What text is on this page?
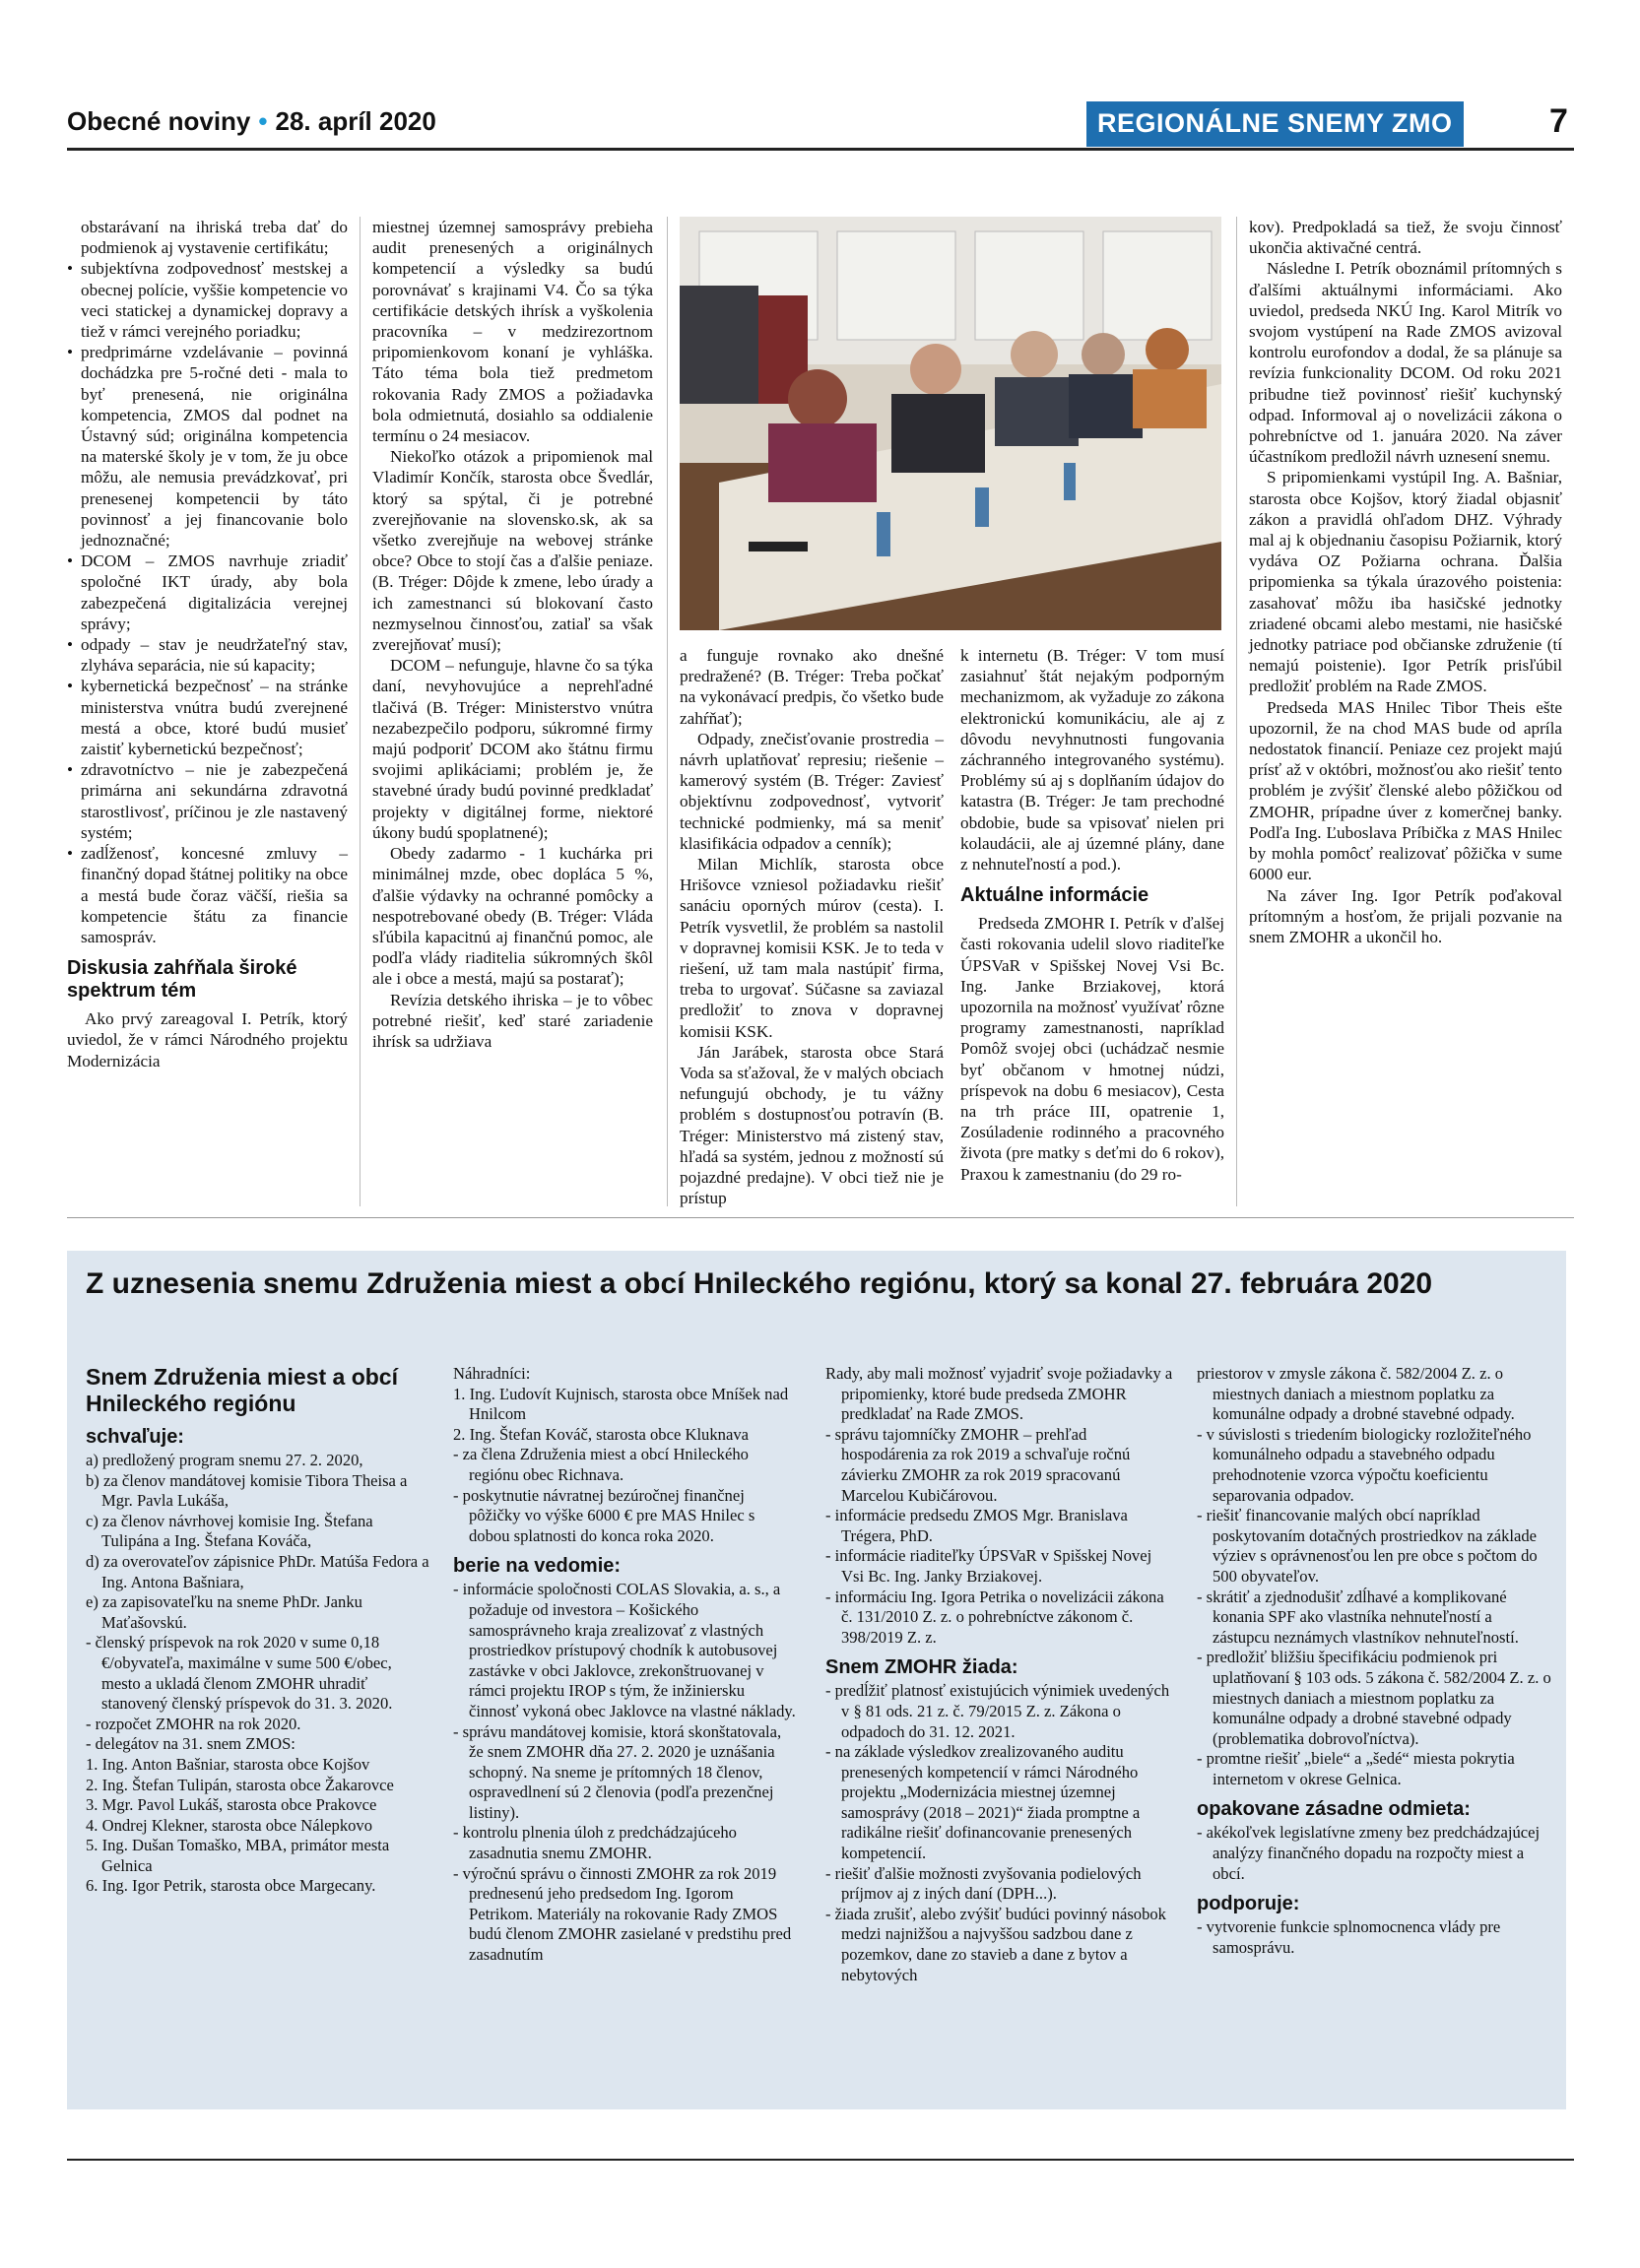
Obecné noviny • 28. apríl 2020	REGIONÁLNE SNEMY ZMO	7

obstarávaní na ihriská treba dať do podmienok aj vystavenie certifikátu;

• subjektívna zodpovednosť mestskej a obecnej polície, vyššie kompetencie vo veci statickej a dynamickej dopravy a tiež v rámci verejného poriadku;
• predprimárne vzdelávanie – povinná dochádzka pre 5-ročné deti - mala to byť prenesená, nie originálna kompetencia, ZMOS dal podnet na Ústavný súd; originálna kompetencia na materské školy je v tom, že ju obce môžu, ale nemusia prevádzkovať, pri prenesenej kompetencii by táto povinnosť a jej financovanie bolo jednoznačné;
• DCOM – ZMOS navrhuje zriadiť spoločné IKT úrady, aby bola zabezpečená digitalizácia verejnej správy;
• odpady – stav je neudržateľný stav, zlyháva separácia, nie sú kapacity;
• kybernetická bezpečnosť – na stránke ministerstva vnútra budú zverejnené mestá a obce, ktoré budú musieť zaistiť kybernetickú bezpečnosť;
• zdravotníctvo – nie je zabezpečená primárna ani sekundárna zdravotná starostlivosť, príčinou je zle nastavený systém;
• zadĺženosť, koncesné zmluvy – finančný dopad štátnej politiky na obce a mestá bude čoraz väčší, riešia sa kompetencie štátu za financie samospráv.
Diskusia zahŕňala široké spektrum tém

Ako prvý zareagoval I. Petrík, ktorý uviedol, že v rámci Národného projektu Modernizácia

miestnej územnej samosprávy prebieha audit prenesených a originálnych kompetencií a výsledky sa budú porovnávať s krajinami V4. Čo sa týka certifikácie detských ihrísk a vyškolenia pracovníka – v medzirezortnom pripomienkovom konaní je vyhláška. Táto téma bola tiež predmetom rokovania Rady ZMOS a požiadavka bola odmietnutá, dosiahlo sa oddialenie termínu o 24 mesiacov.

Niekoľko otázok a pripomienok mal Vladimír Končík, starosta obce Švedlár, ktorý sa spýtal, či je potrebné zverejňovanie na slovensko.sk, ak sa všetko zverejňuje na webovej stránke obce? Obce to stojí čas a ďalšie peniaze. (B. Tréger: Dôjde k zmene, lebo úrady a ich zamestnanci sú blokovaní často nezmyselnou činnosťou, zatiaľ sa však zverejňovať musí);

DCOM – nefunguje, hlavne čo sa týka daní, nevyhovujúce a neprehľadné tlačivá (B. Tréger: Ministerstvo vnútra nezabezpečilo podporu, súkromné firmy majú podporiť DCOM ako štátnu firmu svojimi aplikáciami; problém je, že stavebné úrady budú povinné predkladať projekty v digitálnej forme, niektoré úkony budú spoplatnené);

Obedy zadarmo - 1 kuchárka pri minimálnej mzde, obec dopláca 5 %, ďalšie výdavky na ochranné pomôcky a nespotrebované obedy (B. Tréger: Vláda sľúbila kapacitnú aj finančnú pomoc, ale podľa vlády riaditelia súkromných škôl ale i obce a mestá, majú sa postarať);

Revízia detského ihriska – je to vôbec potrebné riešiť, keď staré zariadenie ihrísk sa udržiava

a funguje rovnako ako dnešné predražené? (B. Tréger: Treba počkať na vykonávací predpis, čo všetko bude zahŕňať);

Odpady, znečisťovanie prostredia – návrh uplatňovať represiu; riešenie – kamerový systém (B. Tréger: Zaviesť objektívnu zodpovednosť, vytvoriť technické podmienky, má sa meniť klasifikácia odpadov a cenník);

Milan Michlík, starosta obce Hrišovce vzniesol požiadavku riešiť sanáciu oporných múrov (cesta). I. Petrík vysvetlil, že problém sa nastolil v dopravnej komisii KSK. Je to teda v riešení, už tam mala nastúpiť firma, treba to urgovať. Súčasne sa zaviazal predložiť to znova v dopravnej komisii KSK.

Ján Jarábek, starosta obce Stará Voda sa sťažoval, že v malých obciach nefungujú obchody, je tu vážny problém s dostupnosťou potravín (B. Tréger: Ministerstvo má zistený stav, hľadá sa systém, jednou z možností sú pojazdné predajne). V obci tiež nie je prístup

k internetu (B. Tréger: V tom musí zasiahnuť štát nejakým podporným mechanizmom, ak vyžaduje zo zákona elektronickú komunikáciu, ale aj z dôvodu nevyhnutnosti fungovania záchranného integrovaného systému). Problémy sú aj s doplňaním údajov do katastra (B. Tréger: Je tam prechodné obdobie, bude sa vpisovať nielen pri kolaudácii, ale aj územné plány, dane z nehnuteľností a pod.).

Aktuálne informácie

Predseda ZMOHR I. Petrík v ďalšej časti rokovania udelil slovo riaditeľke ÚPSVaR v Spišskej Novej Vsi Bc. Ing. Janke Brziakovej, ktorá upozornila na možnosť využívať rôzne programy zamestnanosti, napríklad Pomôž svojej obci (uchádzač nesmie byť občanom v hmotnej núdzi, príspevok na dobu 6 mesiacov), Cesta na trh práce III, opatrenie 1, Zosúladenie rodinného a pracovného života (pre matky s deťmi do 6 rokov), Praxou k zamestnaniu (do 29 ro-

kov). Predpokladá sa tiež, že svoju činnosť ukončia aktivačné centrá.

Následne I. Petrík oboznámil prítomných s ďalšími aktuálnymi informáciami. Ako uviedol, predseda NKÚ Ing. Karol Mitrík vo svojom vystúpení na Rade ZMOS avizoval kontrolu eurofondov a dodal, že sa plánuje sa revízia funkcionality DCOM. Od roku 2021 pribudne tiež povinnosť riešiť kuchynský odpad. Informoval aj o novelizácii zákona o pohrebníctve od 1. januára 2020. Na záver účastníkom predložil návrh uznesení snemu.

S pripomienkami vystúpil Ing. A. Bašniar, starosta obce Kojšov, ktorý žiadal objasniť zákon a pravidlá ohľadom DHZ. Výhrady mal aj k objednaniu časopisu Požiarnik, ktorý vydáva OZ Požiarna ochrana. Ďalšia pripomienka sa týkala úrazového poistenia: zasahovať môžu iba hasičské jednotky zriadené obcami alebo mestami, nie hasičské jednotky patriace pod občianske združenie (tí nemajú poistenie). Igor Petrík prisľúbil predložiť problém na Rade ZMOS.

Predseda MAS Hnilec Tibor Theis ešte upozornil, že na chod MAS bude od apríla nedostatok financií. Peniaze cez projekt majú prísť až v októbri, možnosťou ako riešiť tento problém je zvýšiť členské alebo pôžičkou od ZMOHR, prípadne úver z komerčnej banky. Podľa Ing. Ľuboslava Príbička z MAS Hnilec by mohla pomôcť realizovať pôžička v sume 6000 eur.

Na záver Ing. Igor Petrík poďakoval prítomným a hosťom, že prijali pozvanie na snem ZMOHR a ukončil ho.

Z uznesenia snemu Združenia miest a obcí Hnileckého regiónu, ktorý sa konal 27. februára 2020
Snem Združenia miest a obcí Hnileckého regiónu
schvaľuje:
a) predložený program snemu 27. 2. 2020,
b) za členov mandátovej komisie Tibora Theisa a Mgr. Pavla Lukáša,
c) za členov návrhovej komisie Ing. Štefana Tulipána a Ing. Štefana Kováča,
d) za overovateľov zápisnice PhDr. Matúša Fedora a Ing. Antona Bašniara,
e) za zapisovateľku na sneme PhDr. Janku Maťašovskú.
- členský príspevok na rok 2020 v sume 0,18 €/obyvateľa, maximálne v sume 500 €/obec, mesto a ukladá členom ZMOHR uhradiť stanovený členský príspevok do 31. 3. 2020.
- rozpočet ZMOHR na rok 2020.
- delegátov na 31. snem ZMOS:
1. Ing. Anton Bašniar, starosta obce Kojšov
2. Ing. Štefan Tulipán, starosta obce Žakarovce
3. Mgr. Pavol Lukáš, starosta obce Prakovce
4. Ondrej Klekner, starosta obce Nálepkovo
5. Ing. Dušan Tomaško, MBA, primátor mesta Gelnica
6. Ing. Igor Petrik, starosta obce Margecany.
Náhradníci:
1. Ing. Ľudovít Kujnisch, starosta obce Mníšek nad Hnilcom
2. Ing. Štefan Kováč, starosta obce Kluknava
- za člena Združenia miest a obcí Hnileckého regiónu obec Richnava.
- poskytnutie návratnej bezúročnej finančnej pôžičky vo výške 6000 € pre MAS Hnilec s dobou splatnosti do konca roka 2020.
berie na vedomie:
- informácie spoločnosti COLAS Slovakia, a. s., a požaduje od investora – Košického samosprávneho kraja zrealizovať z vlastných prostriedkov prístupový chodník k autobusovej zastávke v obci Jaklovce, zrekonštruovanej v rámci projektu IROP s tým, že inžiniersku činnosť vykoná obec Jaklovce na vlastné náklady.
- správu mandátovej komisie, ktorá skonštatovala, že snem ZMOHR dňa 27. 2. 2020 je uznášania schopný. Na sneme je prítomných 18 členov, ospravedlnení sú 2 členovia (podľa prezenčnej listiny).
- kontrolu plnenia úloh z predchádzajúceho zasadnutia snemu ZMOHR.
- výročnú správu o činnosti ZMOHR za rok 2019 prednesenú jeho predsedom Ing. Igorom Petrikom. Materiály na rokovanie Rady ZMOS budú členom ZMOHR zasielané v predstihu pred zasadnutím
Rady, aby mali možnosť vyjadriť svoje požiadavky a pripomienky, ktoré bude predseda ZMOHR predkladať na Rade ZMOS.
- správu tajomníčky ZMOHR – prehľad hospodárenia za rok 2019 a schvaľuje ročnú závierku ZMOHR za rok 2019 spracovanú Marcelou Kubičárovou.
- informácie predsedu ZMOS Mgr. Branislava Trégera, PhD.
- informácie riaditeľky ÚPSVaR v Spišskej Novej Vsi Bc. Ing. Janky Brziakovej.
- informáciu Ing. Igora Petrika o novelizácii zákona č. 131/2010 Z. z. o pohrebníctve zákonom č. 398/2019 Z. z.
Snem ZMOHR žiada:
- predĺžiť platnosť existujúcich výnimiek uvedených v § 81 ods. 21 z. č. 79/2015 Z. z. Zákona o odpadoch do 31. 12. 2021.
- na základe výsledkov zrealizovaného auditu prenesených kompetencií v rámci Národného projektu „Modernizácia miestnej územnej samosprávy (2018 – 2021)“ žiada promptne a radikálne riešiť dofinancovanie prenesených kompetencií.
- riešiť ďalšie možnosti zvyšovania podielových príjmov aj z iných daní (DPH...).
- žiada zrušiť, alebo zvýšiť budúci povinný násobok medzi najnižšou a najvyššou sadzbou dane z pozemkov, dane zo stavieb a dane z bytov a nebytových
priestorov v zmysle zákona č. 582/2004 Z. z. o miestnych daniach a miestnom poplatku za komunálne odpady a drobné stavebné odpady.
- v súvislosti s triedením biologicky rozložiteľného komunálneho odpadu a stavebného odpadu prehodnotenie vzorca výpočtu koeficientu separovania odpadov.
- riešiť financovanie malých obcí napríklad poskytovaním dotačných prostriedkov na základe výziev s oprávnenosťou len pre obce s počtom do 500 obyvateľov.
- skrátiť a zjednodušiť zdĺhavé a komplikované konania SPF ako vlastníka nehnuteľností a zástupcu neznámych vlastníkov nehnuteľností.
- predložiť bližšiu špecifikáciu podmienok pri uplatňovaní § 103 ods. 5 zákona č. 582/2004 Z. z. o miestnych daniach a miestnom poplatku za komunálne odpady a drobné stavebné odpady (problematika dobrovoľníctva).
- promtne riešiť „biele“ a „šedé“ miesta pokrytia internetom v okrese Gelnica.
opakovane zásadne odmieta:
- akékoľvek legislatívne zmeny bez predchádzajúcej analýzy finančného dopadu na rozpočty miest a obcí.
podporuje:
- vytvorenie funkcie splnomocnenca vlády pre samosprávu.
